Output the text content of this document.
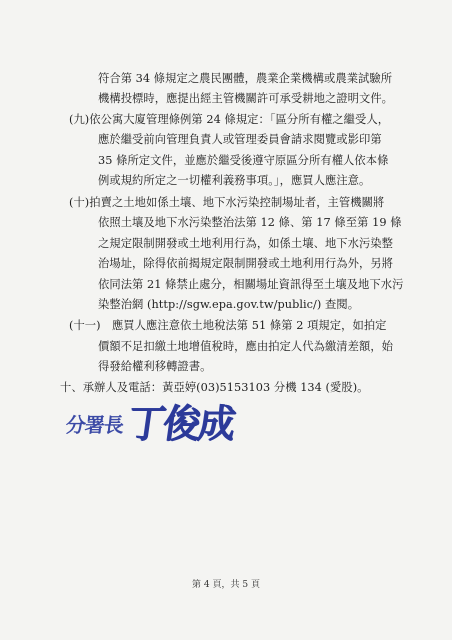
符合第 34 條規定之農民團體，農業企業機構或農業試驗所
機構投標時，應提出經主管機關許可承受耕地之證明文件。
(九)依公寓大廈管理條例第 24 條規定：「區分所有權之繼受人，
應於繼受前向管理負責人或管理委員會請求閱覽或影印第
35 條所定文件，並應於繼受後遵守原區分所有權人依本條
例或規約所定之一切權利義務事項。」，應買人應注意。
(十)拍賣之土地如係土壤、地下水污染控制場址者，主管機關將
依照土壤及地下水污染整治法第 12 條、第 17 條至第 19 條
之規定限制開發或土地利用行為，如係土壤、地下水污染整
治場址，除得依前揭規定限制開發或土地利用行為外，另將
依同法第 21 條禁止處分，相關場址資訊得至土壤及地下水污
染整治網 (http://sgw.epa.gov.tw/public/) 查閱。
(十一)　應買人應注意依土地稅法第 51 條第 2 項規定，如拍定
價額不足扣繳土地增值稅時，應由拍定人代為繳清差額，始
得發給權利移轉證書。
十、承辦人及電話：黃亞婷(03)5153103 分機 134 (愛股)。
分署長 丁俊成
第 4 頁，共 5 頁
